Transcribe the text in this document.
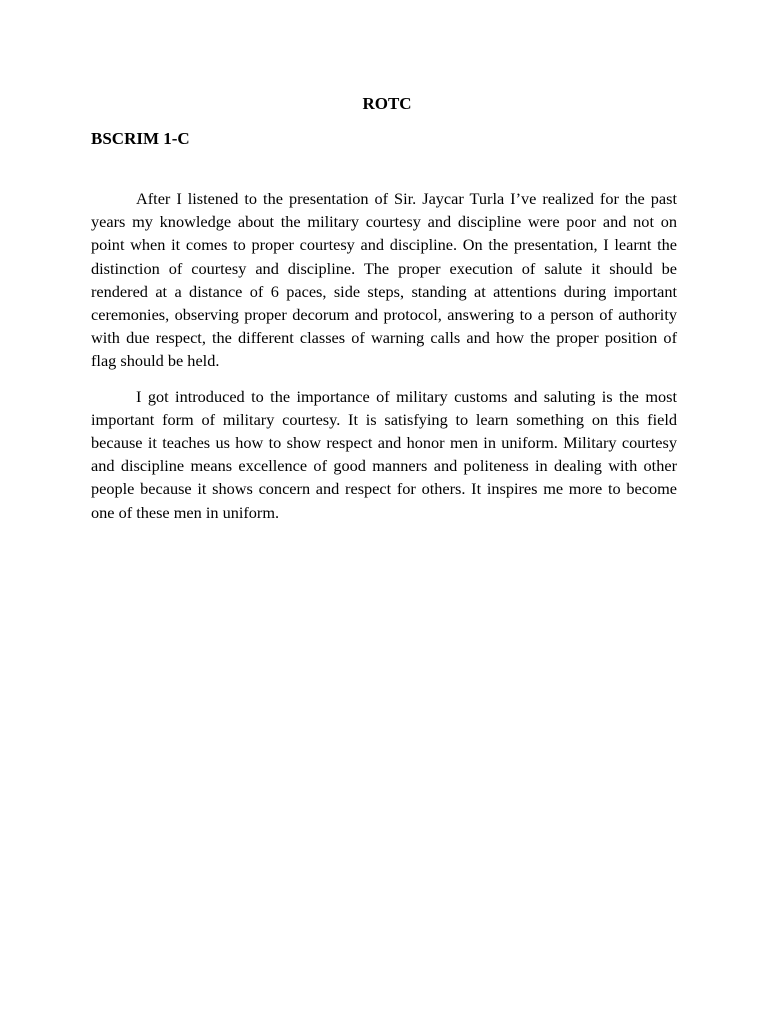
ROTC
BSCRIM 1-C

After I listened to the presentation of Sir. Jaycar Turla I’ve realized for the past years my knowledge about the military courtesy and discipline were poor and not on point when it comes to proper courtesy and discipline. On the presentation, I learnt the distinction of courtesy and discipline. The proper execution of salute it should be rendered at a distance of 6 paces, side steps, standing at attentions during important ceremonies, observing proper decorum and protocol, answering to a person of authority with due respect, the different classes of warning calls and how the proper position of flag should be held.

I got introduced to the importance of military customs and saluting is the most important form of military courtesy. It is satisfying to learn something on this field because it teaches us how to show respect and honor men in uniform. Military courtesy and discipline means excellence of good manners and politeness in dealing with other people because it shows concern and respect for others. It inspires me more to become one of these men in uniform.
